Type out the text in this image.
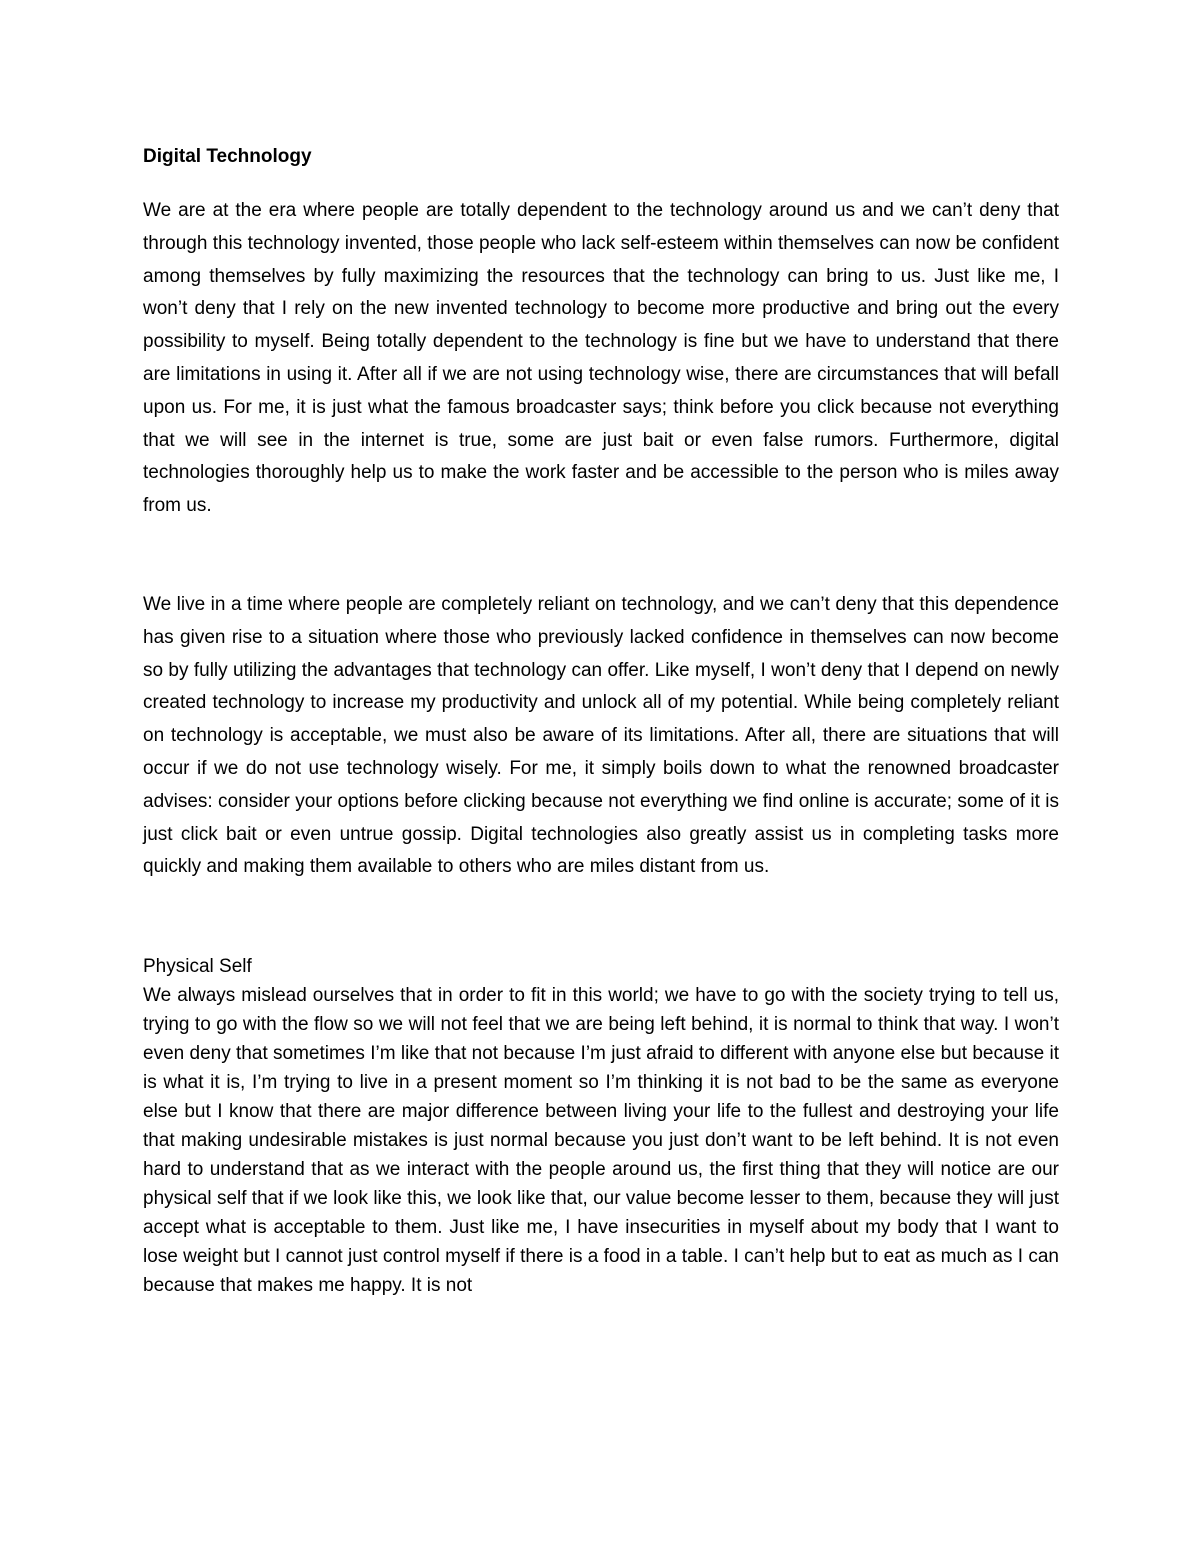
Digital Technology

We are at the era where people are totally dependent to the technology around us and we can’t deny that through this technology invented, those people who lack self-esteem within themselves can now be confident among themselves by fully maximizing the resources that the technology can bring to us. Just like me, I won’t deny that I rely on the new invented technology to become more productive and bring out the every possibility to myself. Being totally dependent to the technology is fine but we have to understand that there are limitations in using it. After all if we are not using technology wise, there are circumstances that will befall upon us. For me, it is just what the famous broadcaster says; think before you click because not everything that we will see in the internet is true, some are just bait or even false rumors. Furthermore, digital technologies thoroughly help us to make the work faster and be accessible to the person who is miles away from us.

We live in a time where people are completely reliant on technology, and we can’t deny that this dependence has given rise to a situation where those who previously lacked confidence in themselves can now become so by fully utilizing the advantages that technology can offer. Like myself, I won’t deny that I depend on newly created technology to increase my productivity and unlock all of my potential. While being completely reliant on technology is acceptable, we must also be aware of its limitations. After all, there are situations that will occur if we do not use technology wisely. For me, it simply boils down to what the renowned broadcaster advises: consider your options before clicking because not everything we find online is accurate; some of it is just click bait or even untrue gossip. Digital technologies also greatly assist us in completing tasks more quickly and making them available to others who are miles distant from us.

Physical Self

We always mislead ourselves that in order to fit in this world; we have to go with the society trying to tell us, trying to go with the flow so we will not feel that we are being left behind, it is normal to think that way. I won’t even deny that sometimes I’m like that not because I’m just afraid to different with anyone else but because it is what it is, I’m trying to live in a present moment so I’m thinking it is not bad to be the same as everyone else but I know that there are major difference between living your life to the fullest and destroying your life that making undesirable mistakes is just normal because you just don’t want to be left behind. It is not even hard to understand that as we interact with the people around us, the first thing that they will notice are our physical self that if we look like this, we look like that, our value become lesser to them, because they will just accept what is acceptable to them. Just like me, I have insecurities in myself about my body that I want to lose weight but I cannot just control myself if there is a food in a table. I can’t help but to eat as much as I can because that makes me happy. It is not
